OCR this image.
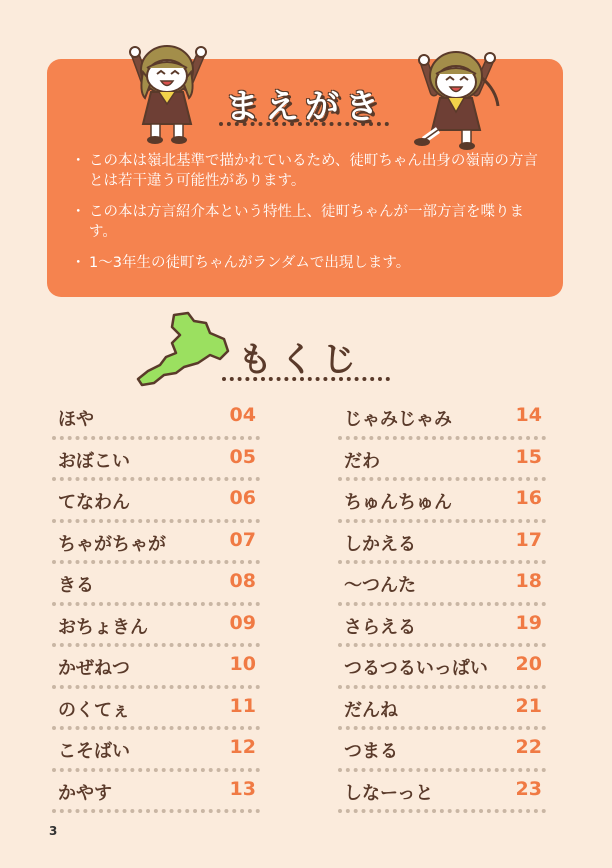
まえがき
・ この本は嶺北基準で描かれているため、徒町ちゃん出身の嶺南の方言とは若干違う可能性があります。
・ この本は方言紹介本という特性上、徒町ちゃんが一部方言を喋ります。
・ 1〜3年生の徒町ちゃんがランダムで出現します。
もくじ
ほや	04
おぼこい	05
てなわん	06
ちゃがちゃが	07
きる	08
おちょきん	09
かぜねつ	10
のくてぇ	11
こそばい	12
かやす	13
じゃみじゃみ	14
だわ	15
ちゅんちゅん	16
しかえる	17
〜つんた	18
さらえる	19
つるつるいっぱい 20
だんね	21
つまる	22
しなーっと	23
3
